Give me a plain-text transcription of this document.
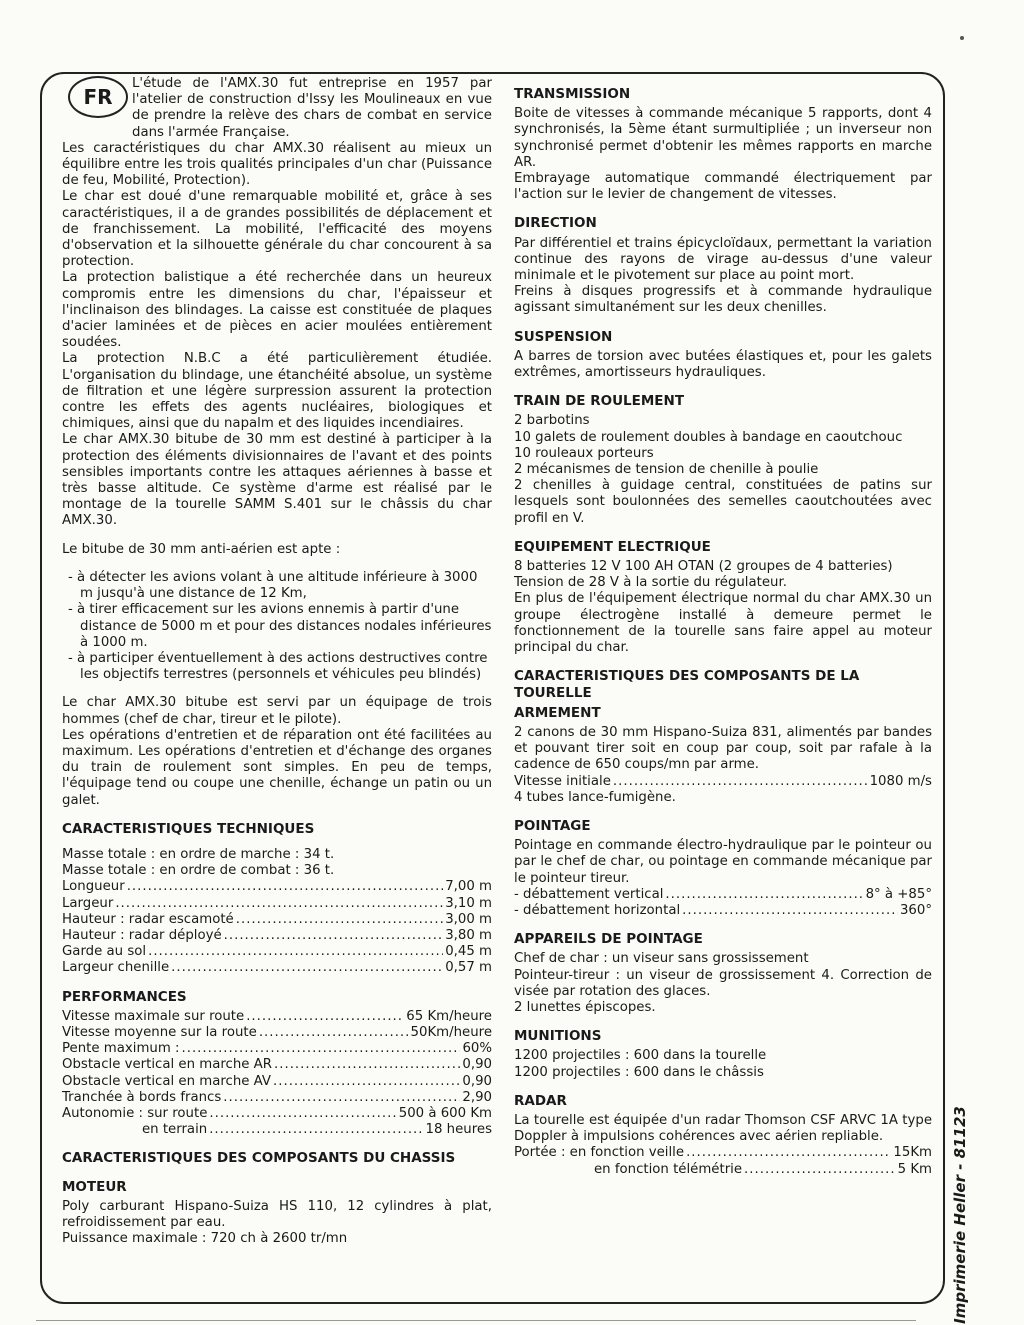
FR

L'étude de l'AMX.30 fut entreprise en 1957 par l'atelier de construction d'Issy les Moulineaux en vue de prendre la relève des chars de combat en service dans l'armée Française.

Les caractéristiques du char AMX.30 réalisent au mieux un équilibre entre les trois qualités principales d'un char (Puissance de feu, Mobilité, Protection).

Le char est doué d'une remarquable mobilité et, grâce à ses caractéristiques, il a de grandes possibilités de déplacement et de franchissement. La mobilité, l'efficacité des moyens d'observation et la silhouette générale du char concourent à sa protection.

La protection balistique a été recherchée dans un heureux compromis entre les dimensions du char, l'épaisseur et l'inclinaison des blindages. La caisse est constituée de plaques d'acier laminées et de pièces en acier moulées entièrement soudées.

La protection N.B.C a été particulièrement étudiée. L'organisation du blindage, une étanchéité absolue, un système de filtration et une légère surpression assurent la protection contre les effets des agents nucléaires, biologiques et chimiques, ainsi que du napalm et des liquides incendiaires.

Le char AMX.30 bitube de 30 mm est destiné à participer à la protection des éléments divisionnaires de l'avant et des points sensibles importants contre les attaques aériennes à basse et très basse altitude. Ce système d'arme est réalisé par le montage de la tourelle SAMM S.401 sur le châssis du char AMX.30.

Le bitube de 30 mm anti-aérien est apte :

- à détecter les avions volant à une altitude inférieure à 3000 m jusqu'à une distance de 12 Km,
- à tirer efficacement sur les avions ennemis à partir d'une distance de 5000 m et pour des distances nodales inférieures à 1000 m.
- à participer éventuellement à des actions destructives contre les objectifs terrestres (personnels et véhicules peu blindés)

Le char AMX.30 bitube est servi par un équipage de trois hommes (chef de char, tireur et le pilote).

Les opérations d'entretien et de réparation ont été facilitées au maximum. Les opérations d'entretien et d'échange des organes du train de roulement sont simples. En peu de temps, l'équipage tend ou coupe une chenille, échange un patin ou un galet.

CARACTERISTIQUES TECHNIQUES

Masse totale : en ordre de marche : 34 t.

Masse totale : en ordre de combat : 36 t.

Longueur .....	7,00 m
Largeur .....	3,10 m
Hauteur : radar escamoté .....	3,00 m
Hauteur : radar déployé .....	3,80 m
Garde au sol .....	0,45 m
Largeur chenille .....	0,57 m
PERFORMANCES
Vitesse maximale sur route .....	65 Km/heure
Vitesse moyenne sur la route .....	50Km/heure
Pente maximum : .....	60%
Obstacle vertical en marche AR .....	0,90
Obstacle vertical en marche AV .....	0,90
Tranchée à bords francs .....	2,90
Autonomie : sur route .....	500 à 600 Km
en terrain .....	18 heures
CARACTERISTIQUES DES COMPOSANTS DU CHASSIS
MOTEUR

Poly carburant Hispano-Suiza HS 110, 12 cylindres à plat, refroidissement par eau.

Puissance maximale : 720 ch à 2600 tr/mn

TRANSMISSION

Boite de vitesses à commande mécanique 5 rapports, dont 4 synchronisés, la 5ème étant surmultipliée ; un inverseur non synchronisé permet d'obtenir les mêmes rapports en marche AR.

Embrayage automatique commandé électriquement par l'action sur le levier de changement de vitesses.

DIRECTION

Par différentiel et trains épicycloïdaux, permettant la variation continue des rayons de virage au-dessus d'une valeur minimale et le pivotement sur place au point mort.

Freins à disques progressifs et à commande hydraulique agissant simultanément sur les deux chenilles.

SUSPENSION

A barres de torsion avec butées élastiques et, pour les galets extrêmes, amortisseurs hydrauliques.

TRAIN DE ROULEMENT

2 barbotins

10 galets de roulement doubles à bandage en caoutchouc

10 rouleaux porteurs

2 mécanismes de tension de chenille à poulie

2 chenilles à guidage central, constituées de patins sur lesquels sont boulonnées des semelles caoutchoutées avec profil en V.

EQUIPEMENT ELECTRIQUE

8 batteries 12 V 100 AH OTAN (2 groupes de 4 batteries)

Tension de 28 V à la sortie du régulateur.

En plus de l'équipement électrique normal du char AMX.30 un groupe électrogène installé à demeure permet le fonctionnement de la tourelle sans faire appel au moteur principal du char.

CARACTERISTIQUES DES COMPOSANTS DE LA TOURELLE
ARMEMENT

2 canons de 30 mm Hispano-Suiza 831, alimentés par bandes et pouvant tirer soit en coup par coup, soit par rafale à la cadence de 650 coups/mn par arme.

Vitesse initiale .....	1080 m/s

4 tubes lance-fumigène.

POINTAGE

Pointage en commande électro-hydraulique par le pointeur ou par le chef de char, ou pointage en commande mécanique par le pointeur tireur.

- débattement vertical .....	8° à +85°
- débattement horizontal .....	360°
APPAREILS DE POINTAGE

Chef de char : un viseur sans grossissement

Pointeur-tireur : un viseur de grossissement 4. Correction de visée par rotation des glaces.

2 lunettes épiscopes.

MUNITIONS

1200 projectiles : 600 dans la tourelle

1200 projectiles : 600 dans le châssis

RADAR

La tourelle est équipée d'un radar Thomson CSF ARVC 1A type Doppler à impulsions cohérences avec aérien repliable.

Portée : en fonction veille .....	15Km
en fonction télémétrie .....	5 Km Imprimerie Heller - 81123
